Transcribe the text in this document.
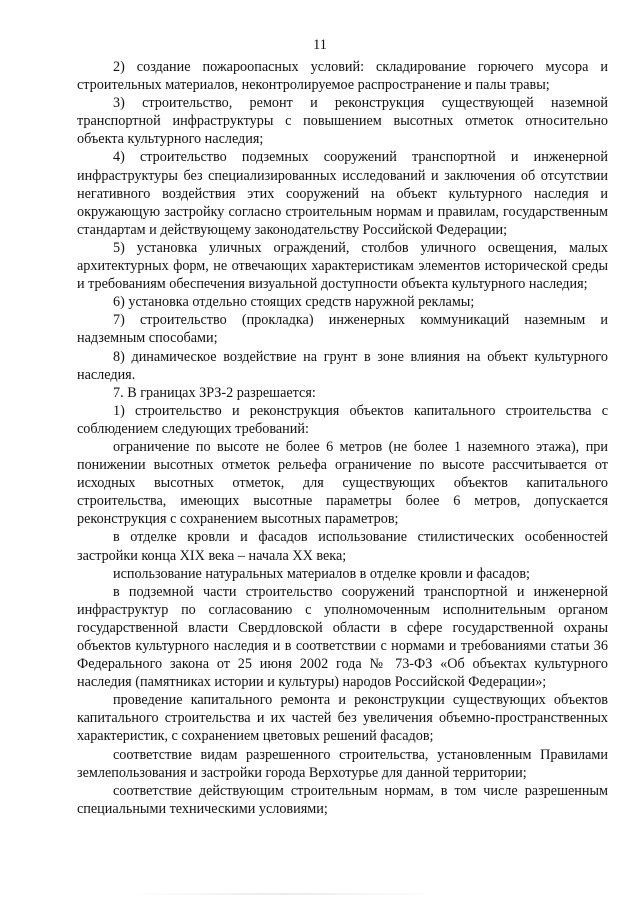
11

2) создание пожароопасных условий: складирование горючего мусора и строительных материалов, неконтролируемое распространение и палы травы;

3) строительство, ремонт и реконструкция существующей наземной транспортной инфраструктуры с повышением высотных отметок относительно объекта культурного наследия;

4) строительство подземных сооружений транспортной и инженерной инфраструктуры без специализированных исследований и заключения об отсутствии негативного воздействия этих сооружений на объект культурного наследия и окружающую застройку согласно строительным нормам и правилам, государственным стандартам и действующему законодательству Российской Федерации;

5) установка уличных ограждений, столбов уличного освещения, малых архитектурных форм, не отвечающих характеристикам элементов исторической среды и требованиям обеспечения визуальной доступности объекта культурного наследия;

6) установка отдельно стоящих средств наружной рекламы;

7) строительство (прокладка) инженерных коммуникаций наземным и надземным способами;

8) динамическое воздействие на грунт в зоне влияния на объект культурного наследия.

7. В границах ЗРЗ-2 разрешается:

1) строительство и реконструкция объектов капитального строительства с соблюдением следующих требований:

ограничение по высоте не более 6 метров (не более 1 наземного этажа), при понижении высотных отметок рельефа ограничение по высоте рассчитывается от исходных высотных отметок, для существующих объектов капитального строительства, имеющих высотные параметры более 6 метров, допускается реконструкция с сохранением высотных параметров;

в отделке кровли и фасадов использование стилистических особенностей застройки конца XIX века – начала XX века;

использование натуральных материалов в отделке кровли и фасадов;

в подземной части строительство сооружений транспортной и инженерной инфраструктур по согласованию с уполномоченным исполнительным органом государственной власти Свердловской области в сфере государственной охраны объектов культурного наследия и в соответствии с нормами и требованиями статьи 36 Федерального закона от 25 июня 2002 года № 73-ФЗ «Об объектах культурного наследия (памятниках истории и культуры) народов Российской Федерации»;

проведение капитального ремонта и реконструкции существующих объектов капитального строительства и их частей без увеличения объемно-пространственных характеристик, с сохранением цветовых решений фасадов;

соответствие видам разрешенного строительства, установленным Правилами землепользования и застройки города Верхотурье для данной территории;

соответствие действующим строительным нормам, в том числе разрешенным специальными техническими условиями;
